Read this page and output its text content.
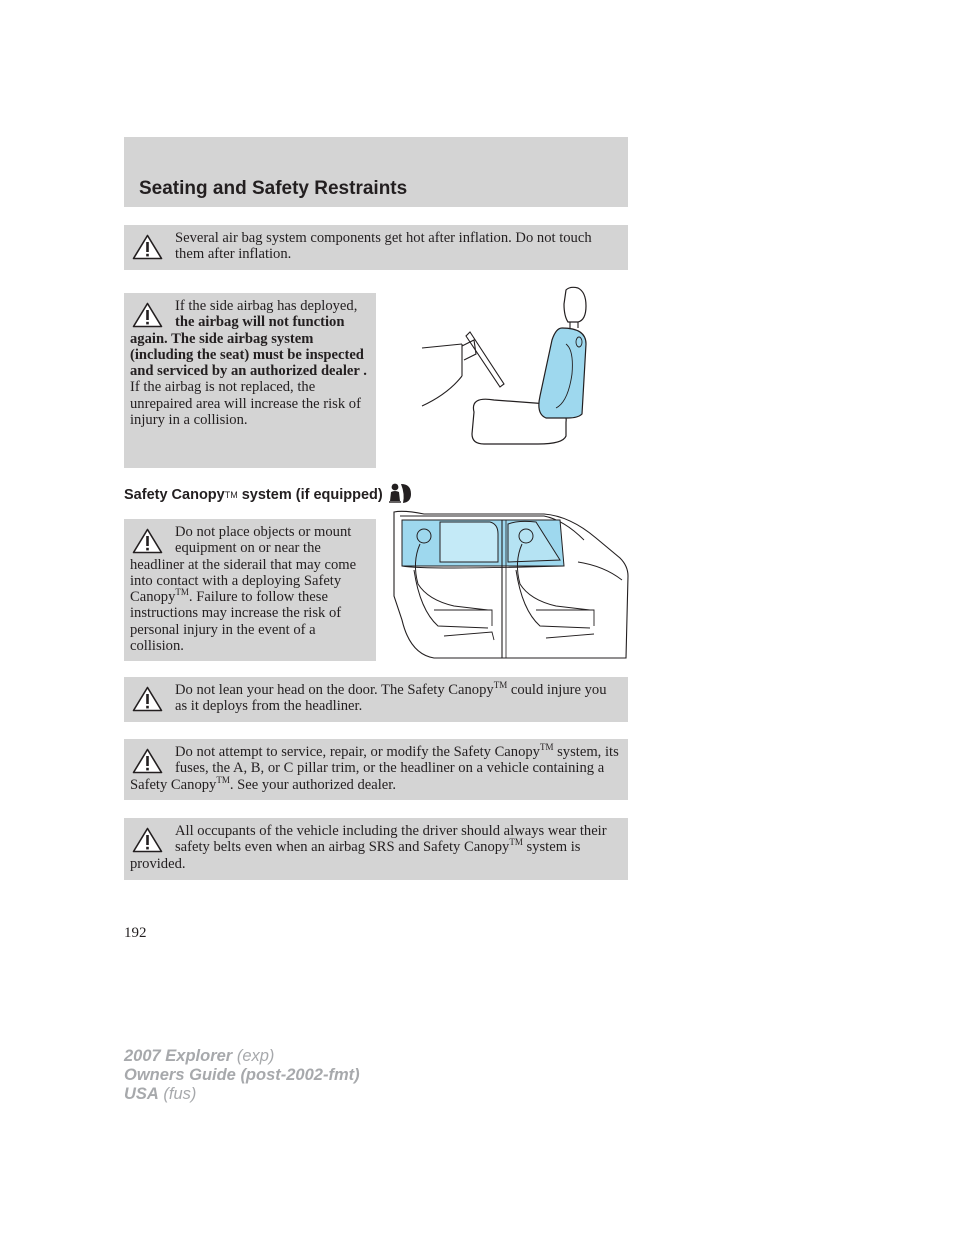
Seating and Safety Restraints
Several air bag system components get hot after inflation. Do not touch them after inflation.
If the side airbag has deployed, the airbag will not function again. The side airbag system (including the seat) must be inspected and serviced by an authorized dealer . If the airbag is not replaced, the unrepaired area will increase the risk of injury in a collision.
Safety Canopy TM system (if equipped)
Do not place objects or mount equipment on or near the headliner at the siderail that may come into contact with a deploying Safety Canopy™. Failure to follow these instructions may increase the risk of personal injury in the event of a collision.
Do not lean your head on the door. The Safety Canopy™ could injure you as it deploys from the headliner.
Do not attempt to service, repair, or modify the Safety Canopy™ system, its fuses, the A, B, or C pillar trim, or the headliner on a vehicle containing a Safety Canopy™. See your authorized dealer.
All occupants of the vehicle including the driver should always wear their safety belts even when an airbag SRS and Safety Canopy™ system is provided.
192
2007 Explorer (exp)
Owners Guide (post-2002-fmt)
USA (fus)
